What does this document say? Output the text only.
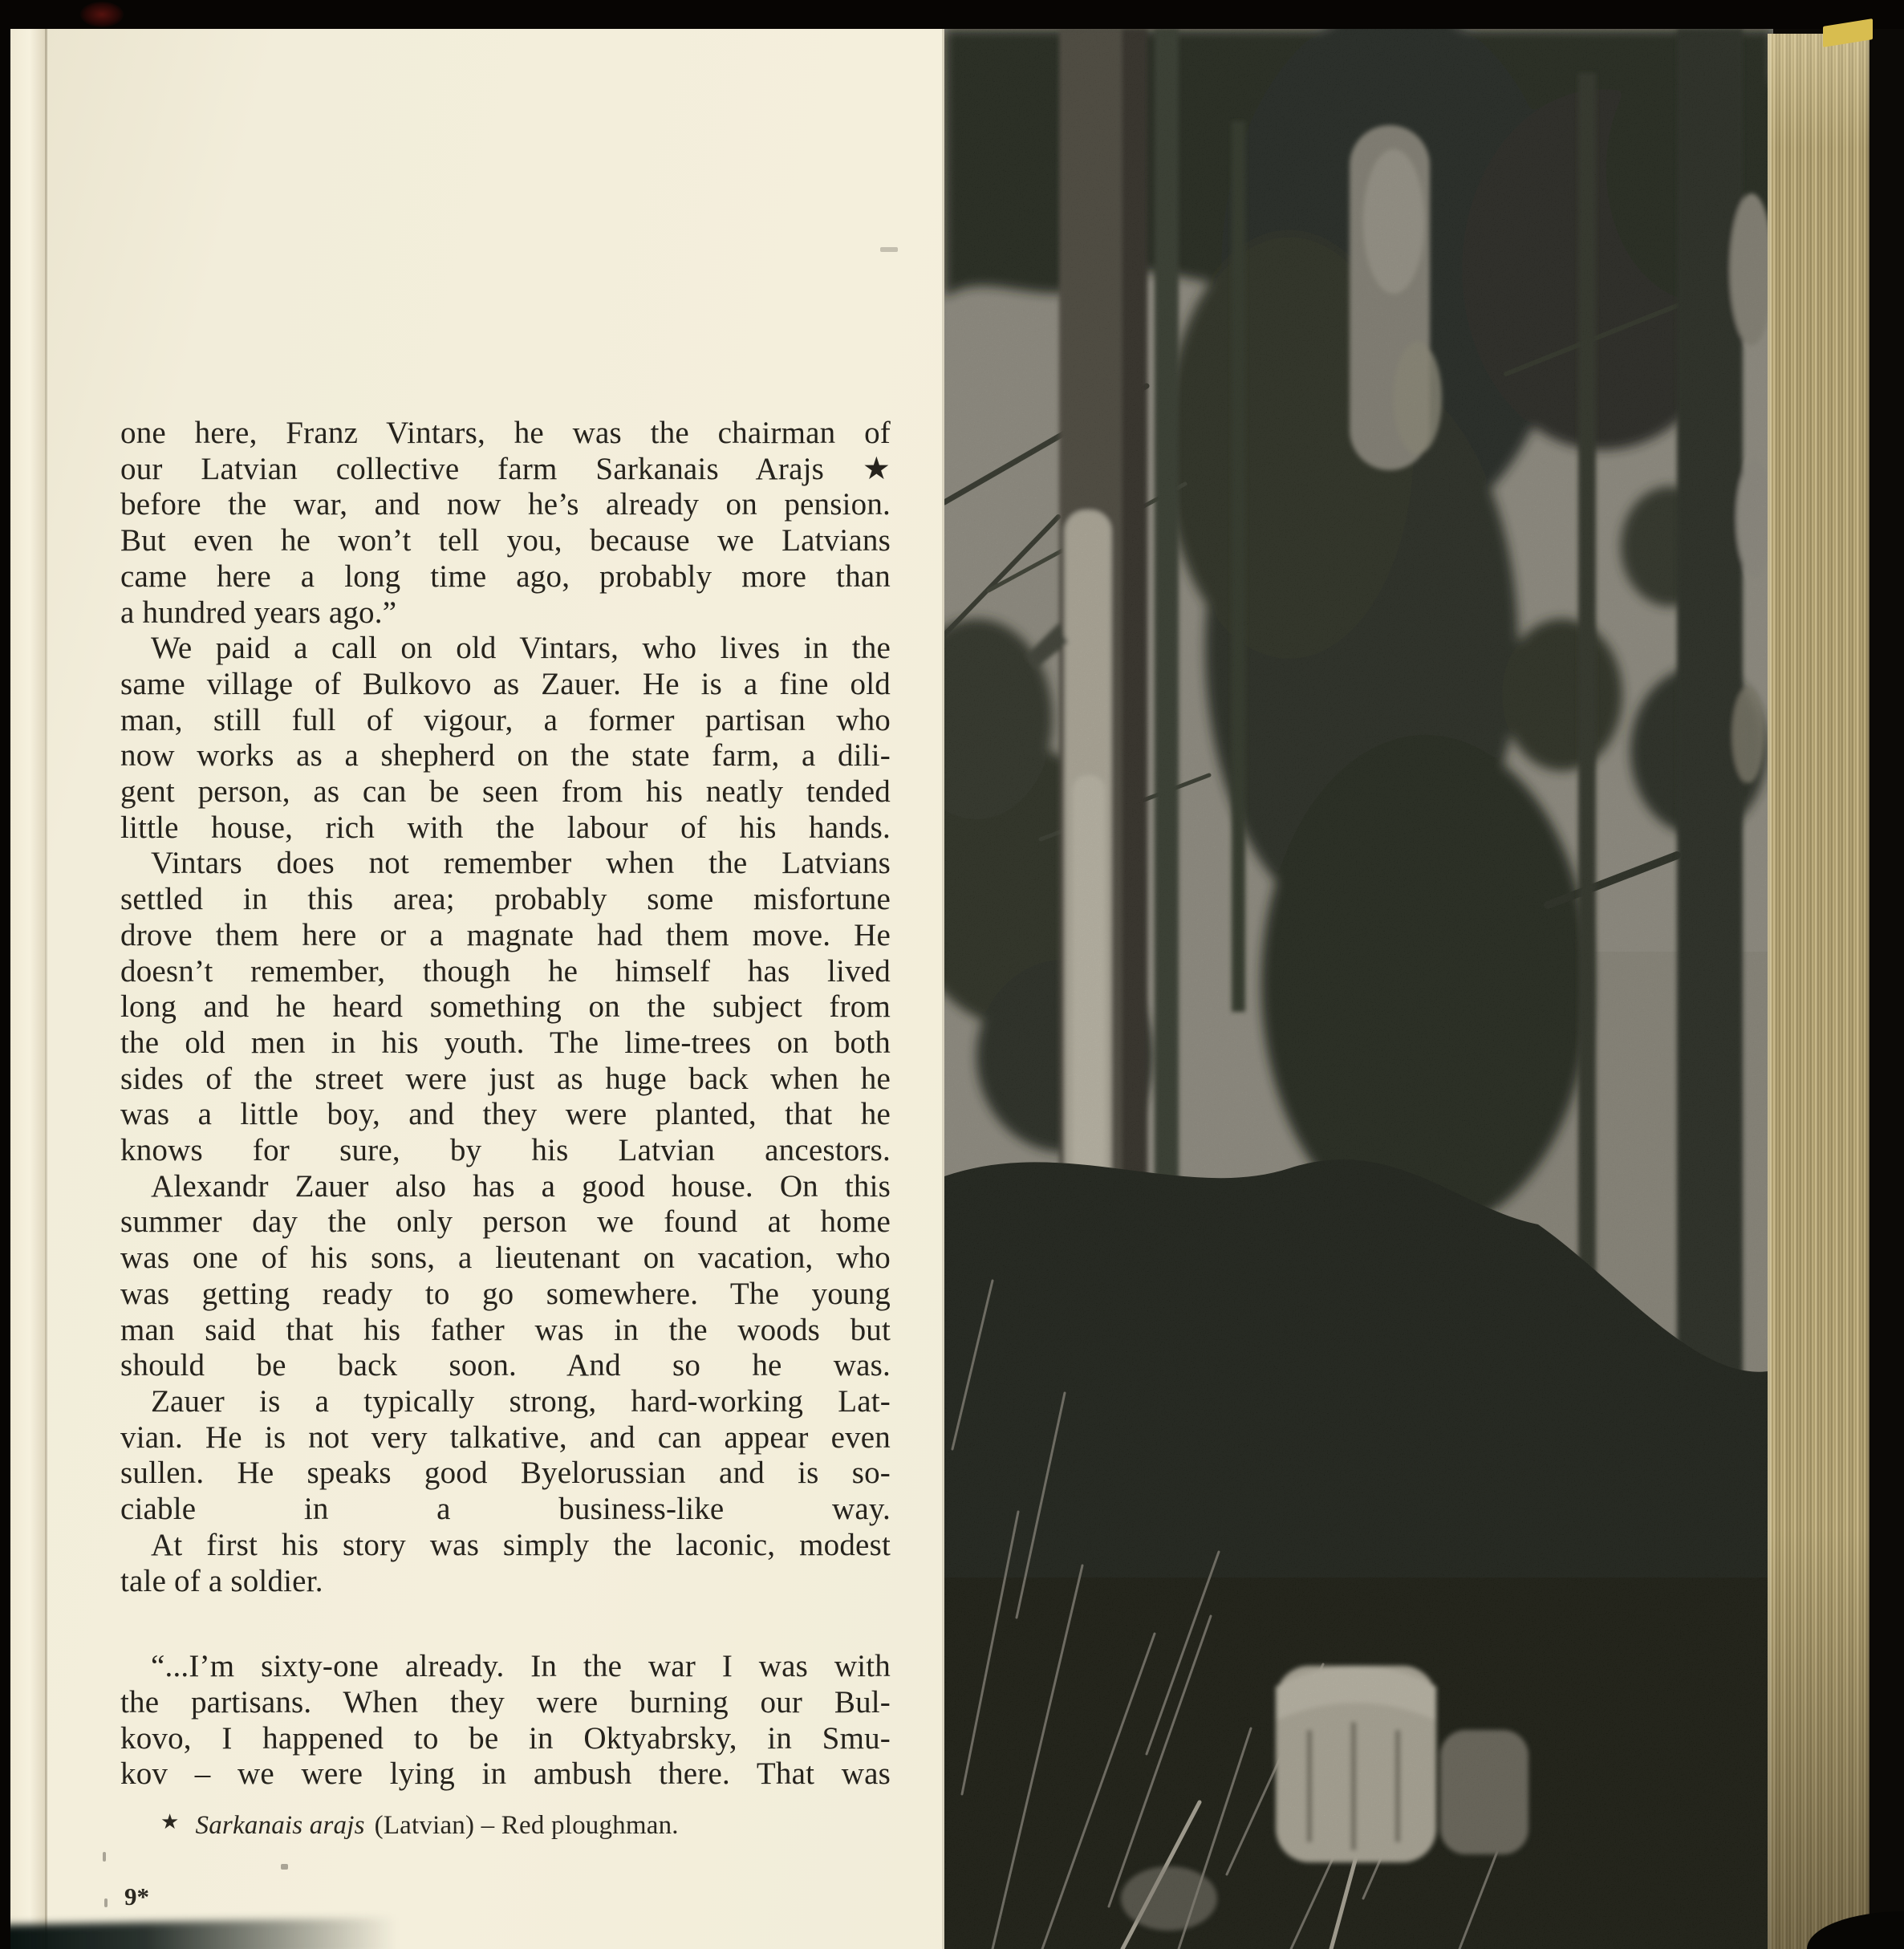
one here, Franz Vintars, he was the chairman of
our Latvian collective farm Sarkanais Arajs ★
before the war, and now he’s already on pension.
But even he won’t tell you, because we Latvians
came here a long time ago, probably more than
a hundred years ago.”
We paid a call on old Vintars, who lives in the
same village of Bulkovo as Zauer. He is a fine old
man, still full of vigour, a former partisan who
now works as a shepherd on the state farm, a dili-
gent person, as can be seen from his neatly tended
little house, rich with the labour of his hands.
Vintars does not remember when the Latvians
settled in this area; probably some misfortune
drove them here or a magnate had them move. He
doesn’t remember, though he himself has lived
long and he heard something on the subject from
the old men in his youth. The lime-trees on both
sides of the street were just as huge back when he
was a little boy, and they were planted, that he
knows for sure, by his Latvian ancestors.
Alexandr Zauer also has a good house. On this
summer day the only person we found at home
was one of his sons, a lieutenant on vacation, who
was getting ready to go somewhere. The young
man said that his father was in the woods but
should be back soon. And so he was.
Zauer is a typically strong, hard-working Lat-
vian. He is not very talkative, and can appear even
sullen. He speaks good Byelorussian and is so-
ciable in a business-like way.
At first his story was simply the laconic, modest
tale of a soldier.
“...I’m sixty-one already. In the war I was with
the partisans. When they were burning our Bul-
kovo, I happened to be in Oktyabrsky, in Smu-
kov – we were lying in ambush there. That was
★ Sarkanais arajs (Latvian) – Red ploughman.
9*
